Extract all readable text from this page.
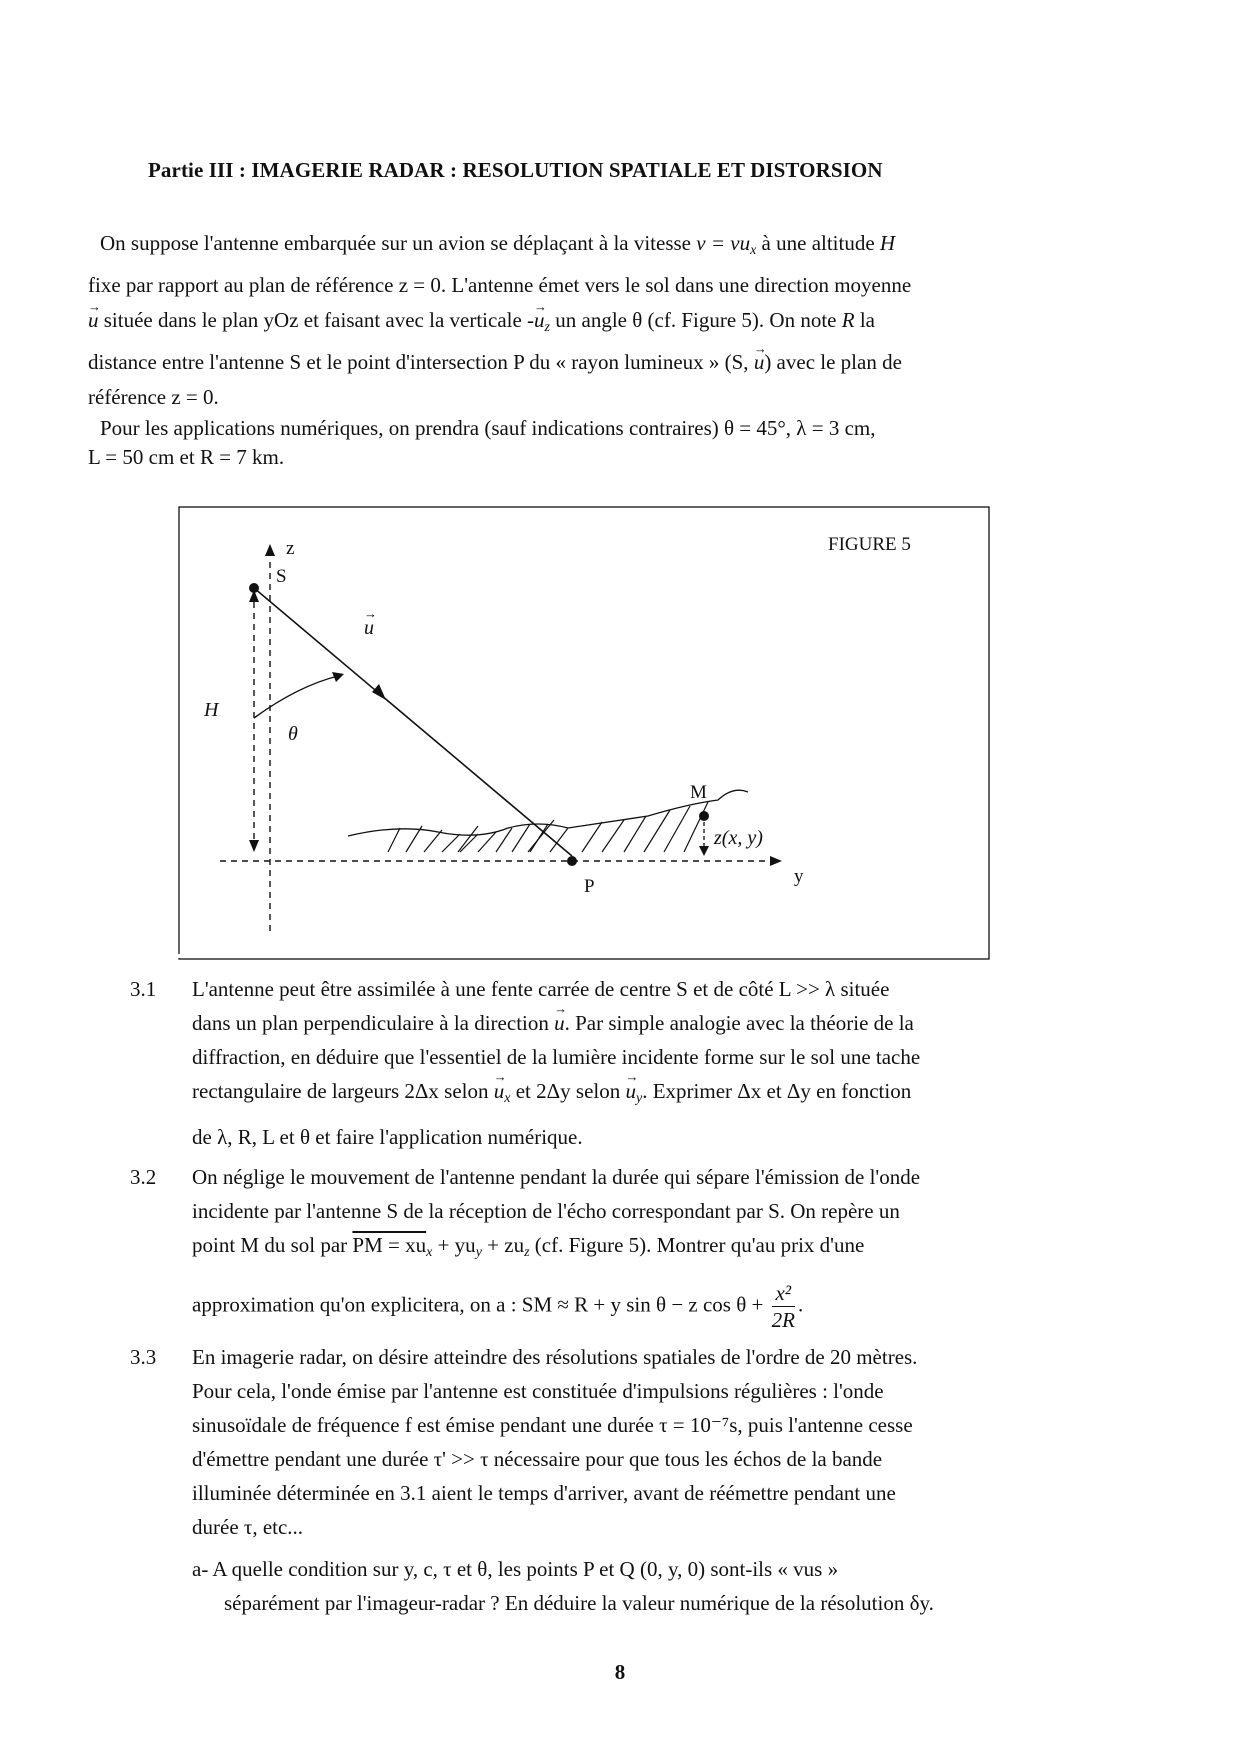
Partie III : IMAGERIE RADAR : RESOLUTION SPATIALE ET DISTORSION
On suppose l'antenne embarquée sur un avion se déplaçant à la vitesse $v = vu_x$ à une altitude H
fixe par rapport au plan de référence z = 0. L'antenne émet vers le sol dans une direction moyenne
→ u située dans le plan yOz et faisant avec la verticale -→ $u_z$ un angle θ (cf. Figure 5). On note R la
distance entre l'antenne S et le point d'intersection P du « rayon lumineux » (S, → u) avec le plan de
référence z = 0.
Pour les applications numériques, on prendra (sauf indications contraires) θ = 45°, λ = 3 cm,
L = 50 cm et R = 7 km.
FIGURE 5
z
S
H
u
→
θ
y
P
M
z(x, y)
3.1	L'antenne peut être assimilée à une fente carrée de centre S et de côté L >> λ située
dans un plan perpendiculaire à la direction → u. Par simple analogie avec la théorie de la
diffraction, en déduire que l'essentiel de la lumière incidente forme sur le sol une tache
rectangulaire de largeurs 2Δx selon → $u_x$ et 2Δy selon → $u_y$. Exprimer Δx et Δy en fonction
de λ, R, L et θ et faire l'application numérique.
3.2	On néglige le mouvement de l'antenne pendant la durée qui sépare l'émission de l'onde
incidente par l'antenne S de la réception de l'écho correspondant par S. On repère un
point M du sol par PM = $xu_x + yu_y + zu_z$ (cf. Figure 5). Montrer qu'au prix d'une
approximation qu'on explicitera, on a : SM ≈ R + y sin θ − z $\cos \theta + \frac{\text{x²}}{2R}$ .
3.3	En imagerie radar, on désire atteindre des résolutions spatiales de l'ordre de 20 mètres.
Pour cela, l'onde émise par l'antenne est constituée d'impulsions régulières : l'onde
sinusoïdale de fréquence f est émise pendant une durée τ = 10⁻⁷s, puis l'antenne cesse
d'émettre pendant une durée τ' >> τ nécessaire pour que tous les échos de la bande
illuminée déterminée en 3.1 aient le temps d'arriver, avant de réémettre pendant une
durée τ, etc...
a- A quelle condition sur y, c, τ et θ, les points P et Q (0, y, 0) sont-ils « vus »
séparément par l'imageur-radar ? En déduire la valeur numérique de la résolution δy.
8
